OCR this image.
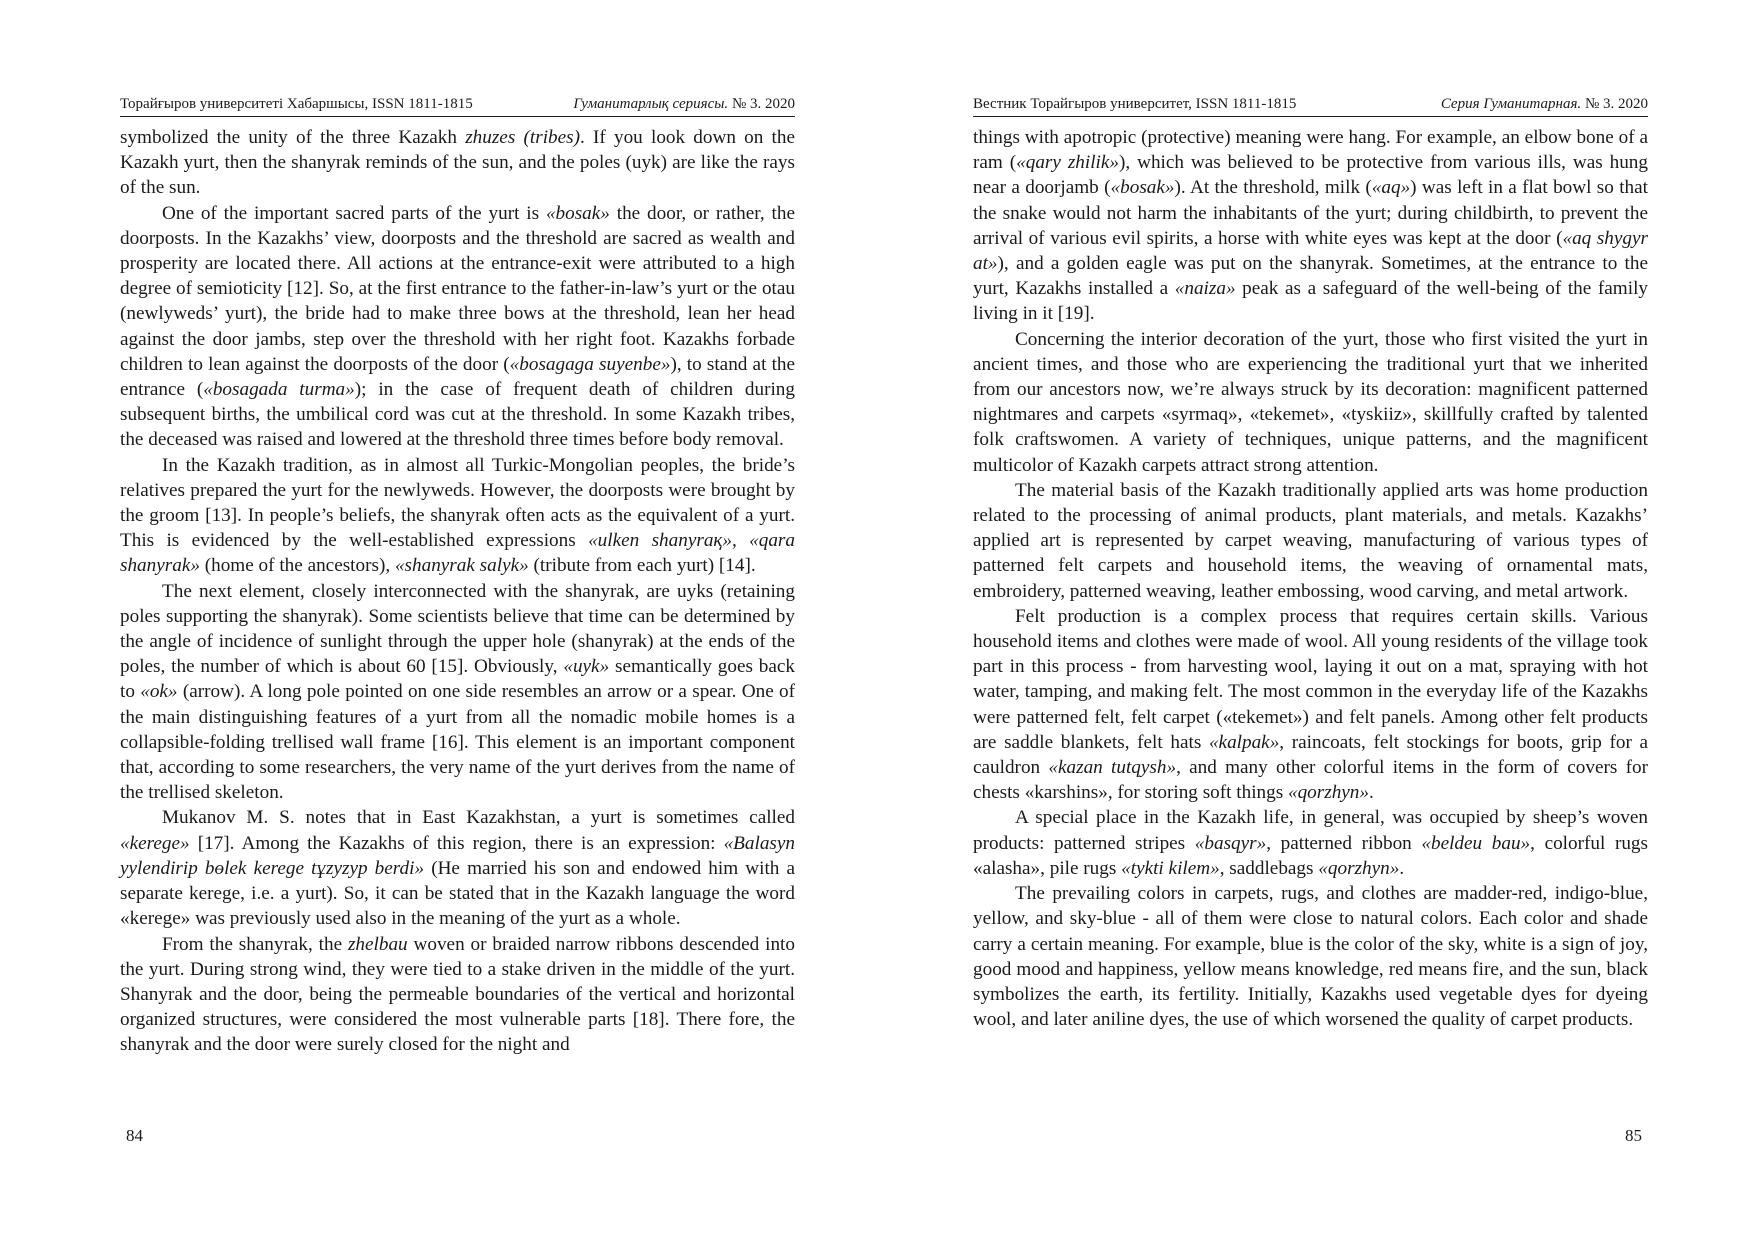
Торайғыров университеті Хабаршысы, ISSN 1811-1815	Гуманитарлық сериясы. № 3. 2020

symbolized the unity of the three Kazakh zhuzes (tribes). If you look down on the Kazakh yurt, then the shanyrak reminds of the sun, and the poles (uyk) are like the rays of the sun.

One of the important sacred parts of the yurt is «bosak» the door, or rather, the doorposts. In the Kazakhs’ view, doorposts and the threshold are sacred as wealth and prosperity are located there. All actions at the entrance-exit were attributed to a high degree of semioticity [12]. So, at the first entrance to the father-in-law’s yurt or the otau (newlyweds’ yurt), the bride had to make three bows at the threshold, lean her head against the door jambs, step over the threshold with her right foot. Kazakhs forbade children to lean against the doorposts of the door («bosagaga suyenbe»), to stand at the entrance («bosagada turma»); in the case of frequent death of children during subsequent births, the umbilical cord was cut at the threshold. In some Kazakh tribes, the deceased was raised and lowered at the threshold three times before body removal.

In the Kazakh tradition, as in almost all Turkic-Mongolian peoples, the bride’s relatives prepared the yurt for the newlyweds. However, the doorposts were brought by the groom [13]. In people’s beliefs, the shanyrak often acts as the equivalent of a yurt. This is evidenced by the well-established expressions «ulken shanyraқ», «qara shanyrak» (home of the ancestors), «shanyrak salyk» (tribute from each yurt) [14].

The next element, closely interconnected with the shanyrak, are uyks (retaining poles supporting the shanyrak). Some scientists believe that time can be determined by the angle of incidence of sunlight through the upper hole (shanyrak) at the ends of the poles, the number of which is about 60 [15]. Obviously, «uyk» semantically goes back to «ok» (arrow). A long pole pointed on one side resembles an arrow or a spear. One of the main distinguishing features of a yurt from all the nomadic mobile homes is a collapsible-folding trellised wall frame [16]. This element is an important component that, according to some researchers, the very name of the yurt derives from the name of the trellised skeleton.

Mukanov M. S. notes that in East Kazakhstan, a yurt is sometimes called «kerege» [17]. Among the Kazakhs of this region, there is an expression: «Balasyn yylendirip bөlek kerege tұzyzyp berdi» (He married his son and endowed him with a separate kerege, i.e. a yurt). So, it can be stated that in the Kazakh language the word «kerege» was previously used also in the meaning of the yurt as a whole.

From the shanyrak, the zhelbau woven or braided narrow ribbons descended into the yurt. During strong wind, they were tied to a stake driven in the middle of the yurt. Shanyrak and the door, being the permeable boundaries of the vertical and horizontal organized structures, were considered the most vulnerable parts [18]. There fore, the shanyrak and the door were surely closed for the night and

84
Вестник Торайгыров университет, ISSN 1811-1815	Серия Гуманитарная. № 3. 2020

things with apotropic (protective) meaning were hang. For example, an elbow bone of a ram («qary zhilik»), which was believed to be protective from various ills, was hung near a doorjamb («bosak»). At the threshold, milk («aq») was left in a flat bowl so that the snake would not harm the inhabitants of the yurt; during childbirth, to prevent the arrival of various evil spirits, a horse with white eyes was kept at the door («aq shygyr at»), and a golden eagle was put on the shanyrak. Sometimes, at the entrance to the yurt, Kazakhs installed a «naiza» peak as a safeguard of the well-being of the family living in it [19].

Concerning the interior decoration of the yurt, those who first visited the yurt in ancient times, and those who are experiencing the traditional yurt that we inherited from our ancestors now, we’re always struck by its decoration: magnificent patterned nightmares and carpets «syrmaq», «tekemet», «tyskiiz», skillfully crafted by talented folk craftswomen. A variety of techniques, unique patterns, and the magnificent multicolor of Kazakh carpets attract strong attention.

The material basis of the Kazakh traditionally applied arts was home production related to the processing of animal products, plant materials, and metals. Kazakhs’ applied art is represented by carpet weaving, manufacturing of various types of patterned felt carpets and household items, the weaving of ornamental mats, embroidery, patterned weaving, leather embossing, wood carving, and metal artwork.

Felt production is a complex process that requires certain skills. Various household items and clothes were made of wool. All young residents of the village took part in this process - from harvesting wool, laying it out on a mat, spraying with hot water, tamping, and making felt. The most common in the everyday life of the Kazakhs were patterned felt, felt carpet («tekemet») and felt panels. Among other felt products are saddle blankets, felt hats «kalpak», raincoats, felt stockings for boots, grip for a cauldron «kazan tutqysh», and many other colorful items in the form of covers for chests «karshins», for storing soft things «qorzhyn».

A special place in the Kazakh life, in general, was occupied by sheep’s woven products: patterned stripes «basqyr», patterned ribbon «beldeu bau», colorful rugs «alasha», pile rugs «tykti kilem», saddlebags «qorzhyn».

The prevailing colors in carpets, rugs, and clothes are madder-red, indigo-blue, yellow, and sky-blue - all of them were close to natural colors. Each color and shade carry a certain meaning. For example, blue is the color of the sky, white is a sign of joy, good mood and happiness, yellow means knowledge, red means fire, and the sun, black symbolizes the earth, its fertility. Initially, Kazakhs used vegetable dyes for dyeing wool, and later aniline dyes, the use of which worsened the quality of carpet products.

85
